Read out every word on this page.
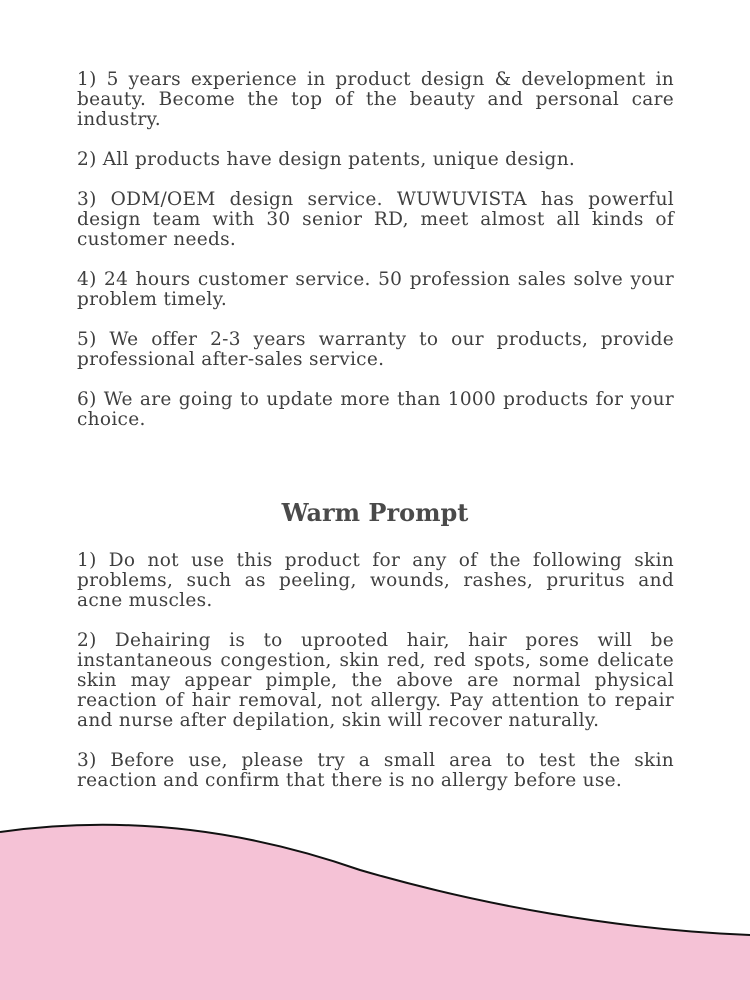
1) 5 years experience in product design & development in beauty. Become the top of the beauty and personal care industry.

2) All products have design patents, unique design.

3) ODM/OEM design service. WUWUVISTA has powerful design team with 30 senior RD, meet almost all kinds of customer needs.

4) 24 hours customer service. 50 profession sales solve your problem timely.

5) We offer 2-3 years warranty to our products, provide professional after-sales service.

6) We are going to update more than 1000 products for your choice.

Warm Prompt

1) Do not use this product for any of the following skin problems, such as peeling, wounds, rashes, pruritus and acne muscles.

2) Dehairing is to uprooted hair, hair pores will be instantaneous congestion, skin red, red spots, some delicate skin may appear pimple, the above are normal physical reaction of hair removal, not allergy. Pay attention to repair and nurse after depilation, skin will recover naturally.

3) Before use, please try a small area to test the skin reaction and confirm that there is no allergy before use.
